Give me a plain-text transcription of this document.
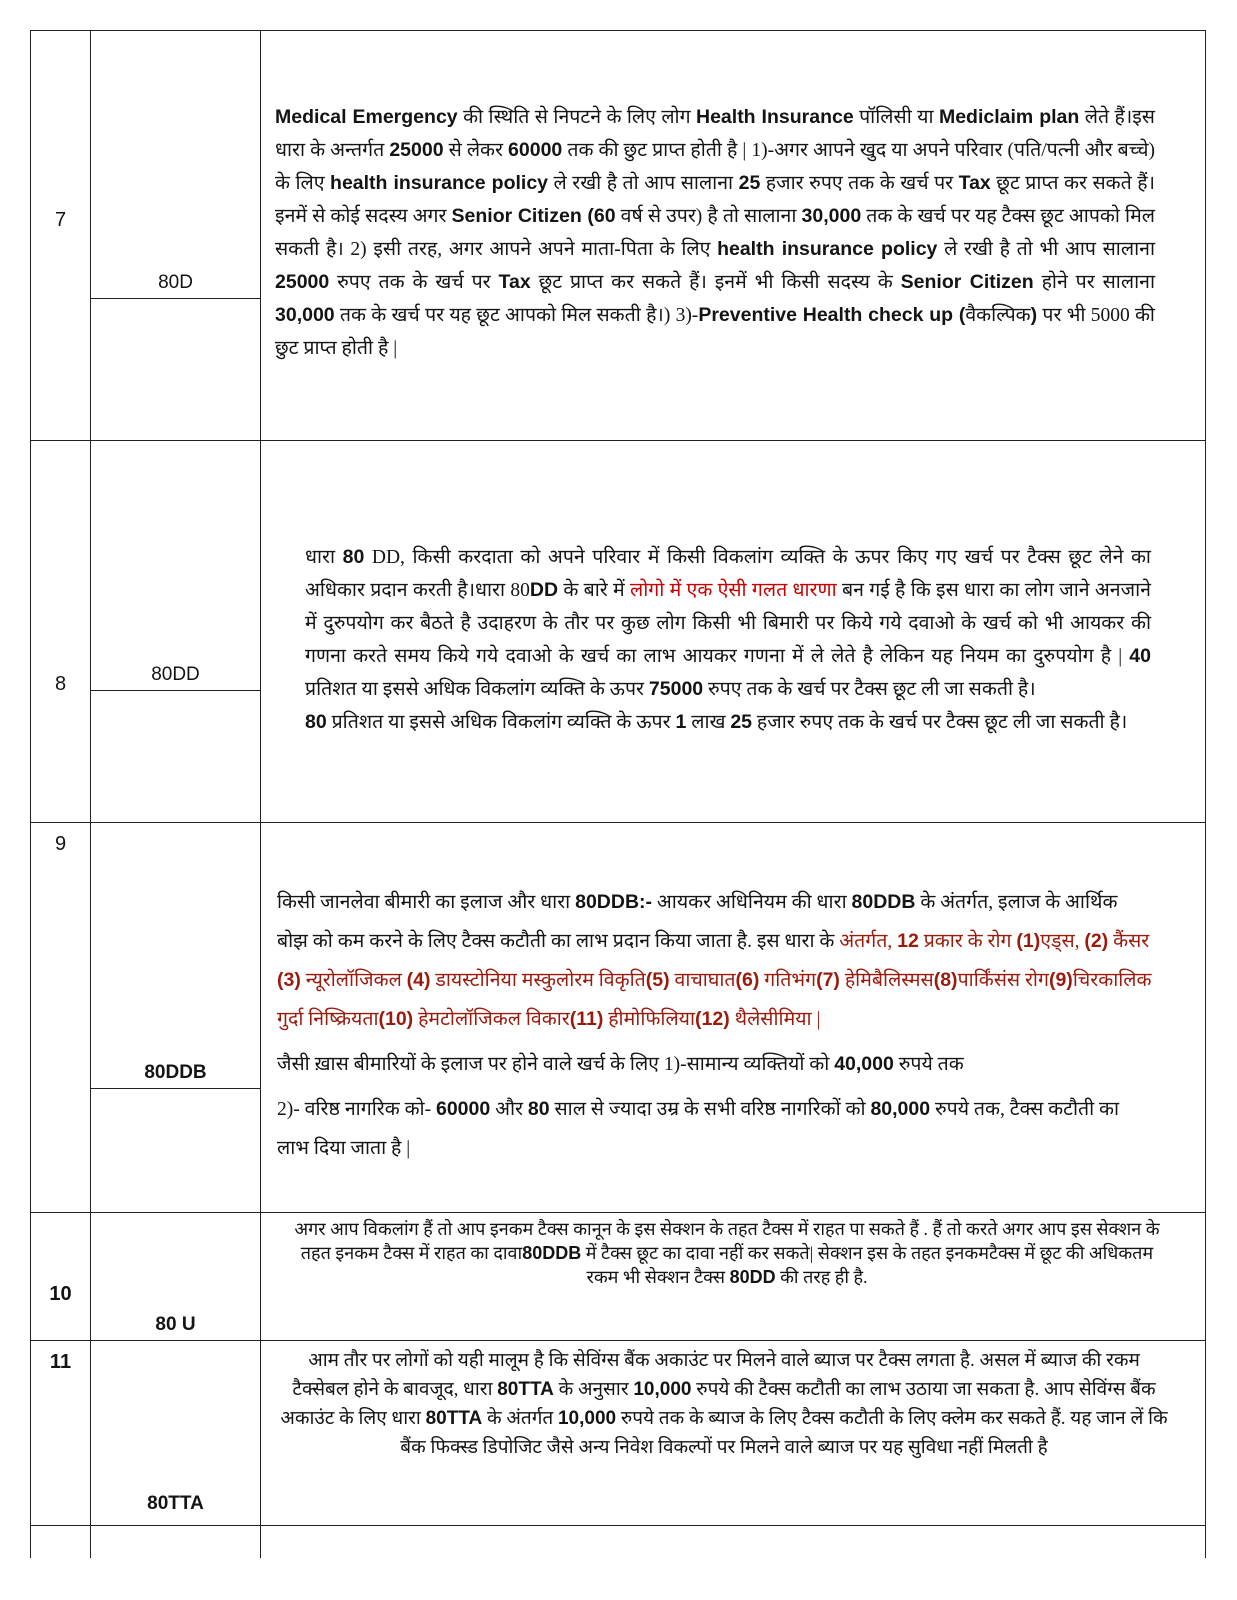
7
80D
Medical Emergency की स्थिति से निपटने के लिए लोग Health Insurance पॉलिसी या Mediclaim plan लेते हैं।इस धारा के अन्तर्गत 25000 से लेकर 60000 तक की छुट प्राप्त होती है | 1)-अगर आपने खुद या अपने परिवार (पति/पत्नी और बच्चे) के लिए health insurance policy ले रखी है तो आप सालाना 25 हजार रुपए तक के खर्च पर Tax छूट प्राप्त कर सकते हैं। इनमें से कोई सदस्य अगर Senior Citizen (60 वर्ष से उपर) है तो सालाना 30,000 तक के खर्च पर यह टैक्स छूट आपको मिल सकती है। 2) इसी तरह, अगर आपने अपने माता-पिता के लिए health insurance policy ले रखी है तो भी आप सालाना 25000 रुपए तक के खर्च पर Tax छूट प्राप्त कर सकते हैं। इनमें भी किसी सदस्य के Senior Citizen होने पर सालाना 30,000 तक के खर्च पर यह छूट आपको मिल सकती है।) 3)-Preventive Health check up (वैकल्पिक) पर भी 5000 की छुट प्राप्त होती है |
8	80DD
धारा 80 DD, किसी करदाता को अपने परिवार में किसी विकलांग व्यक्ति के ऊपर किए गए खर्च पर टैक्स छूट लेने का अधिकार प्रदान करती है।धारा 80DD के बारे में लोगो में एक ऐसी गलत धारणा बन गई है कि इस धारा का लोग जाने अनजाने में दुरुपयोग कर बैठते है उदाहरण के तौर पर कुछ लोग किसी भी बिमारी पर किये गये दवाओ के खर्च को भी आयकर की गणना करते समय किये गये दवाओ के खर्च का लाभ आयकर गणना में ले लेते है लेकिन यह नियम का दुरुपयोग है | 40 प्रतिशत या इससे अधिक विकलांग व्यक्ति के ऊपर 75000 रुपए तक के खर्च पर टैक्स छूट ली जा सकती है।
80 प्रतिशत या इससे अधिक विकलांग व्यक्ति के ऊपर 1 लाख 25 हजार रुपए तक के खर्च पर टैक्स छूट ली जा सकती है।
9
80DDB
किसी जानलेवा बीमारी का इलाज और धारा 80DDB:- आयकर अधिनियम की धारा 80DDB के अंतर्गत, इलाज के आर्थिक बोझ को कम करने के लिए टैक्स कटौती का लाभ प्रदान किया जाता है. इस धारा के अंतर्गत, 12 प्रकार के रोग (1)एड्स, (2) कैंसर (3) न्यूरोलॉजिकल (4) डायस्टोनिया मस्कुलोरम विकृति(5) वाचाघात(6) गतिभंग(7) हेमिबैलिस्मस(8)पार्किंसंस रोग(9)चिरकालिक गुर्दा निष्क्रियता(10) हेमटोलॉजिकल विकार(11) हीमोफिलिया(12) थैलेसीमिया |
जैसी ख़ास बीमारियों के इलाज पर होने वाले खर्च के लिए 1)-सामान्य व्यक्तियों को 40,000 रुपये तक
2)- वरिष्ठ नागरिक को- 60000 और 80 साल से ज्यादा उम्र के सभी वरिष्ठ नागरिकों को 80,000 रुपये तक, टैक्स कटौती का लाभ दिया जाता है |
10
80 U
अगर आप विकलांग हैं तो आप इनकम टैक्स कानून के इस सेक्शन के तहत टैक्स में राहत पा सकते हैं . हैं तो करते अगर आप इस सेक्शन के तहत इनकम टैक्स में राहत का दावा80DDB में टैक्स छूट का दावा नहीं कर सकते| सेक्शन इस के तहत इनकमटैक्स में छूट की अधिकतम रकम भी सेक्शन टैक्स 80DD की तरह ही है.
11
80TTA
आम तौर पर लोगों को यही मालूम है कि सेविंग्स बैंक अकाउंट पर मिलने वाले ब्याज पर टैक्स लगता है. असल में ब्याज की रकम टैक्सेबल होने के बावजूद, धारा 80TTA के अनुसार 10,000 रुपये की टैक्स कटौती का लाभ उठाया जा सकता है. आप सेविंग्स बैंक अकाउंट के लिए धारा 80TTA के अंतर्गत 10,000 रुपये तक के ब्याज के लिए टैक्स कटौती के लिए क्लेम कर सकते हैं. यह जान लें कि बैंक फिक्स्ड डिपोजिट जैसे अन्य निवेश विकल्पों पर मिलने वाले ब्याज पर यह सुविधा नहीं मिलती है
